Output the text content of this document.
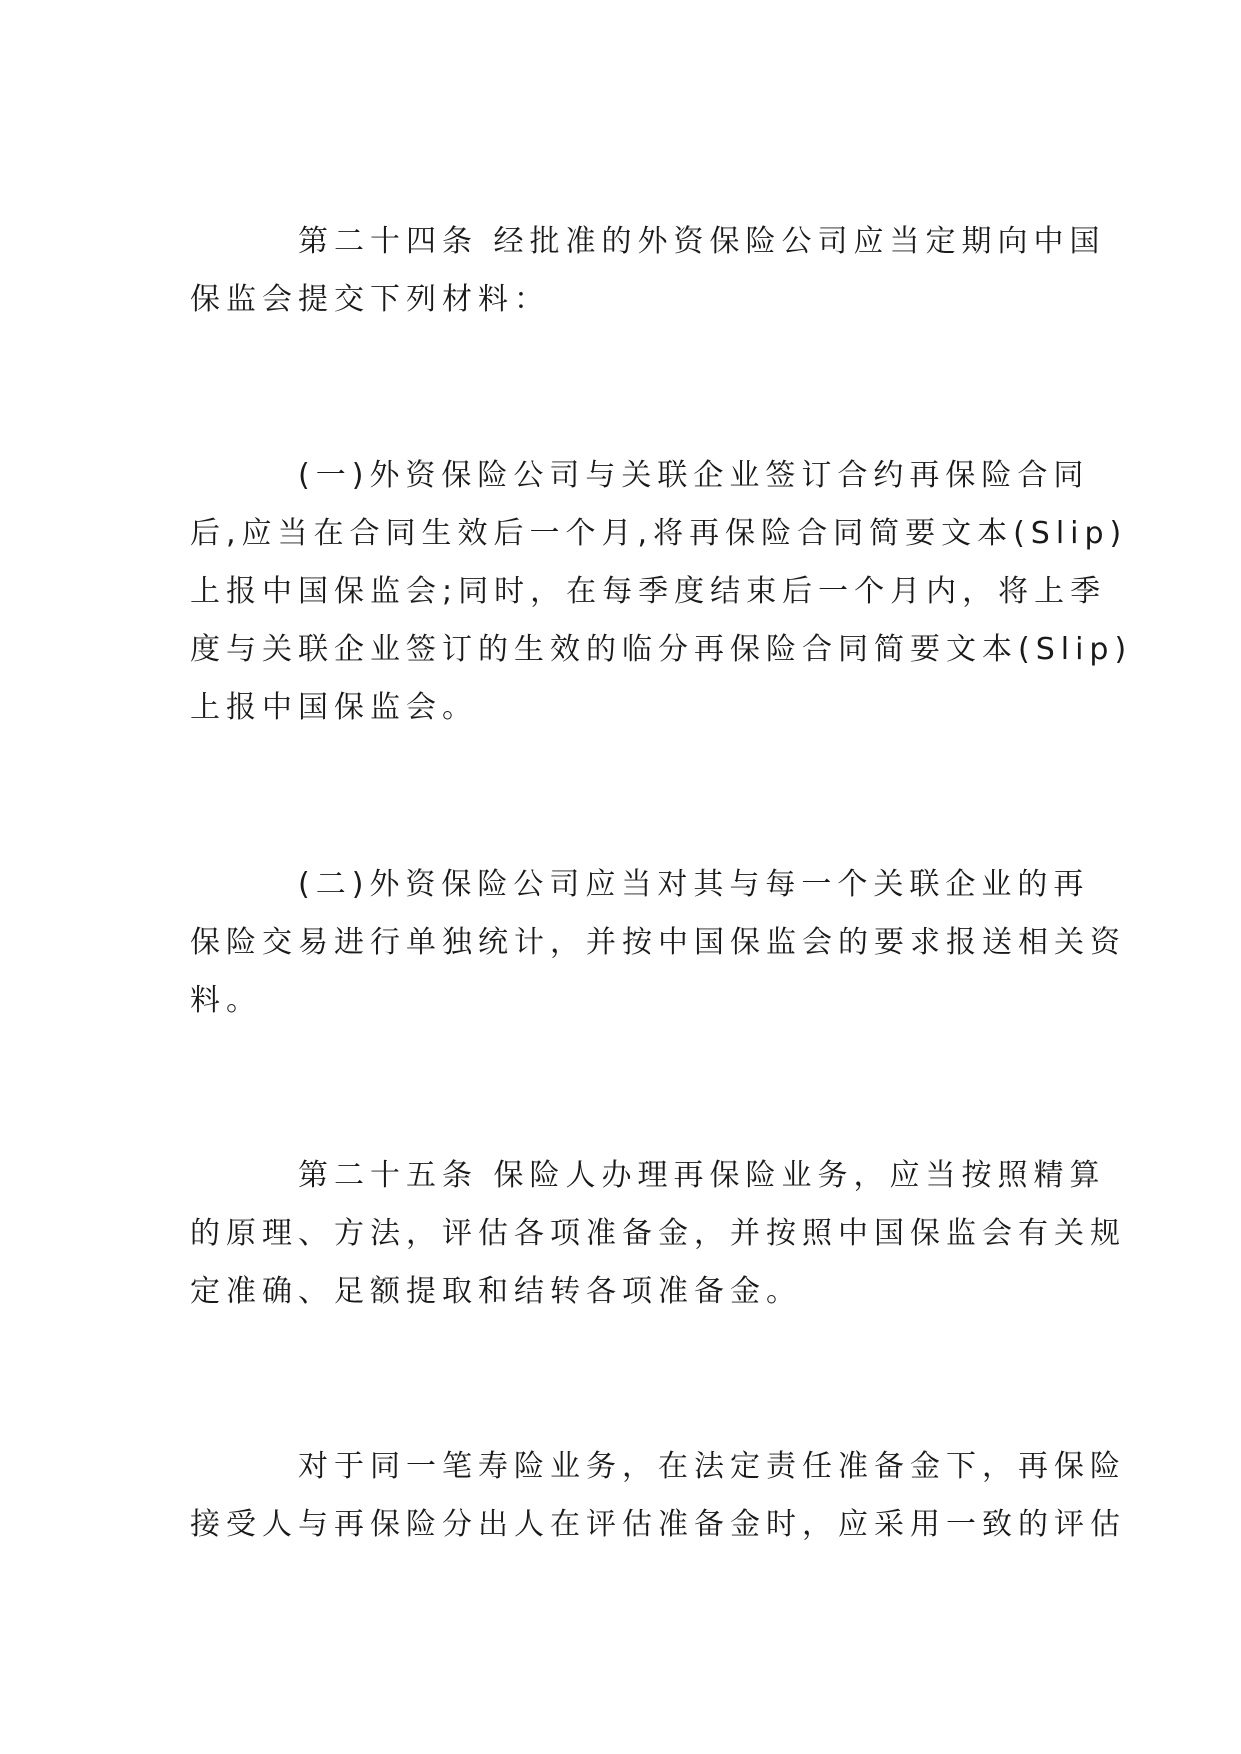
第二十四条 经批准的外资保险公司应当定期向中国
保监会提交下列材料：

(一)外资保险公司与关联企业签订合约再保险合同
后,应当在合同生效后一个月,将再保险合同简要文本(Slip)
上报中国保监会;同时，在每季度结束后一个月内，将上季
度与关联企业签订的生效的临分再保险合同简要文本(Slip)
上报中国保监会。

(二)外资保险公司应当对其与每一个关联企业的再
保险交易进行单独统计，并按中国保监会的要求报送相关资
料。

第二十五条 保险人办理再保险业务，应当按照精算
的原理、方法，评估各项准备金，并按照中国保监会有关规
定准确、足额提取和结转各项准备金。

对于同一笔寿险业务，在法定责任准备金下，再保险
接受人与再保险分出人在评估准备金时，应采用一致的评估
